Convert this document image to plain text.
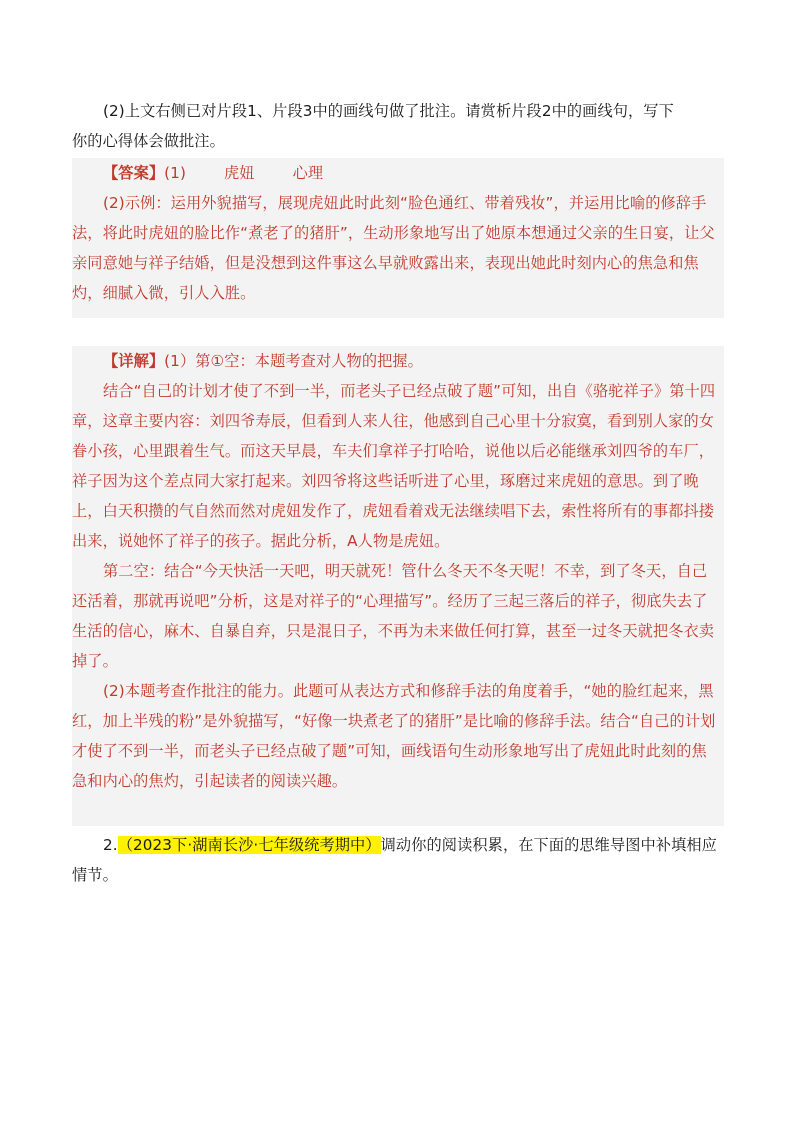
(2)上文右侧已对片段1、片段3中的画线句做了批注。请赏析片段2中的画线句，写下
你的心得体会做批注。
【答案】(1)	虎妞	心理
(2)示例：运用外貌描写，展现虎妞此时此刻“脸色通红、带着残妆”，并运用比喻的修辞手法，将此时虎妞的脸比作“煮老了的猪肝”，生动形象地写出了她原本想通过父亲的生日宴，让父亲同意她与祥子结婚，但是没想到这件事这么早就败露出来，表现出她此时刻内心的焦急和焦灼，细腻入微，引人入胜。
【详解】(1）第①空：本题考查对人物的把握。
结合“自己的计划才使了不到一半，而老头子已经点破了题”可知，出自《骆驼祥子》第十四章，这章主要内容：刘四爷寿辰，但看到人来人往，他感到自己心里十分寂寞，看到别人家的女眷小孩，心里跟着生气。而这天早晨，车夫们拿祥子打哈哈，说他以后必能继承刘四爷的车厂，祥子因为这个差点同大家打起来。刘四爷将这些话听进了心里，琢磨过来虎妞的意思。到了晚上，白天积攒的气自然而然对虎妞发作了，虎妞看着戏无法继续唱下去，索性将所有的事都抖搂出来，说她怀了祥子的孩子。据此分析，A人物是虎妞。
第二空：结合“今天快活一天吧，明天就死！管什么冬天不冬天呢！不幸，到了冬天，自己还活着，那就再说吧”分析，这是对祥子的“心理描写”。经历了三起三落后的祥子，彻底失去了生活的信心，麻木、自暴自弃，只是混日子，不再为未来做任何打算，甚至一过冬天就把冬衣卖掉了。
(2)本题考查作批注的能力。此题可从表达方式和修辞手法的角度着手，“她的脸红起来，黑红，加上半残的粉”是外貌描写，“好像一块煮老了的猪肝”是比喻的修辞手法。结合“自己的计划才使了不到一半，而老头子已经点破了题”可知，画线语句生动形象地写出了虎妞此时此刻的焦急和内心的焦灼，引起读者的阅读兴趣。
2.（2023下·湖南长沙·七年级统考期中）调动你的阅读积累，在下面的思维导图中补填相应情节。
